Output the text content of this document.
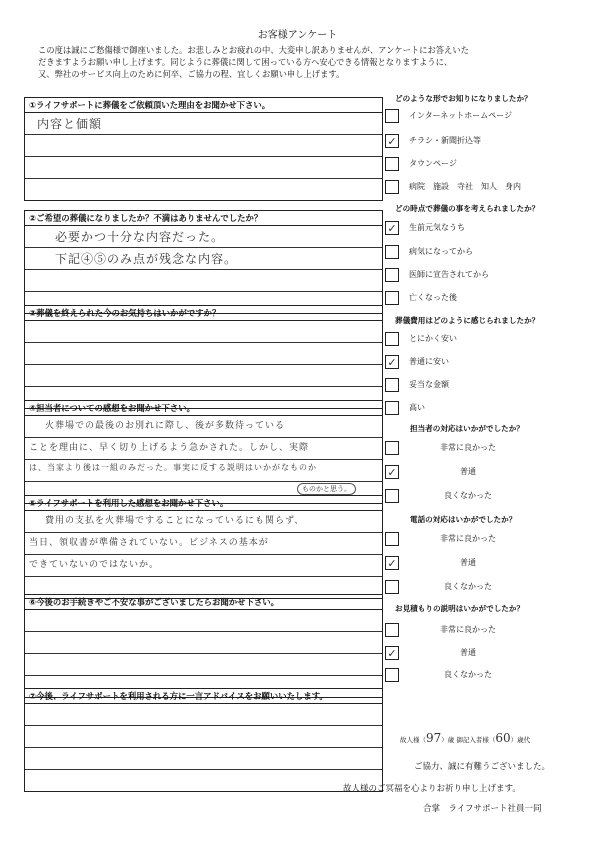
お客様アンケート
この度は誠にご愁傷様で御座いました。お悲しみとお疲れの中、大変申し訳ありませんが、アンケートにお答えいた
だきますようお願い申し上げます。同じように葬儀に関して困っている方へ安心できる情報となりますように、
又、弊社のサービス向上のために何卒、ご協力の程、宜しくお願い申し上げます。
①ライフサポートに葬儀をご依頼頂いた理由をお聞かせ下さい。
内容と価額
②ご希望の葬儀になりましたか？不満はありませんでしたか？
必要かつ十分な内容だった。
下記④⑤のみ点が残念な内容。
③葬儀を終えられた今のお気持ちはいかがですか？
④担当者についての感想をお聞かせ下さい。
火葬場での最後のお別れに際し、後が多数待っている
ことを理由に、早く切り上げるよう急かされた。しかし、実際
は、当家より後は一組のみだった。事実に反する説明はいかがなものか
ものかと思う。
⑤ライフサポートを利用した感想をお聞かせ下さい。
費用の支払を火葬場ですることになっているにも関らず、
当日、領収書が準備されていない。ビジネスの基本が
できていないのではないか。
⑥今後のお手続きやご不安な事がございましたらお聞かせ下さい。
⑦今後、ライフサポートを利用される方に一言アドバイスをお願いいたします。
どのような形でお知りになりましたか？
インターネットホームページ
✓ チラシ・新聞折込等
タウンページ
病院　施設　寺社　知人　身内
どの時点で葬儀の事を考えられましたか？
✓ 生前元気なうち
病気になってから
医師に宣告されてから
亡くなった後
葬儀費用はどのように感じられましたか？
とにかく安い
✓ 普通に安い
妥当な金額
高い
担当者の対応はいかがでしたか？
非常に良かった
✓	普通
良くなかった
電話の対応はいかがでしたか？
非常に良かった
✓	普通
良くなかった
お見積もりの説明はいかがでしたか？
非常に良かった
✓	普通
良くなかった
故人様（97）歳 御記入者様（60）歳代
ご協力、誠に有難うございました。
故人様のご冥福を心よりお祈り申し上げます。
合掌　ライフサポート社員一同
